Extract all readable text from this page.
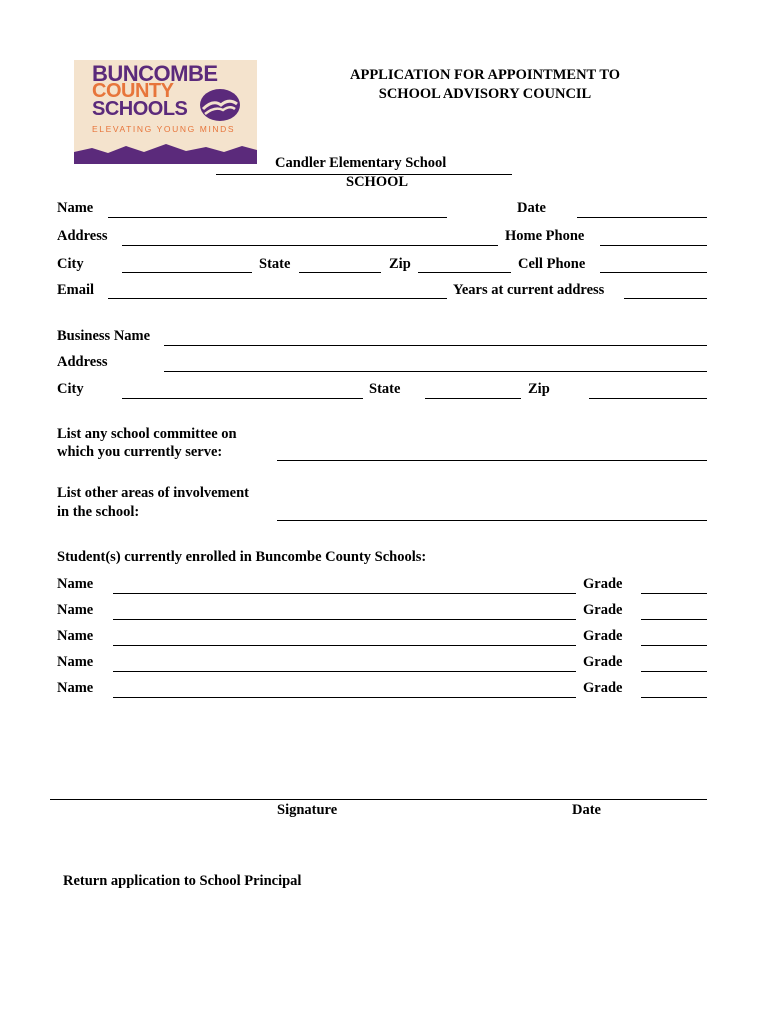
BUNCOMBE
COUNTY
SCHOOLS
ELEVATING YOUNG MINDS
APPLICATION FOR APPOINTMENT TO
SCHOOL ADVISORY COUNCIL
Candler Elementary School
SCHOOL
Name	Date
Address	Home Phone
City	State	Zip	Cell Phone
Email	Years at current address
Business Name
Address
City	State	Zip
List any school committee on
which you currently serve:
List other areas of involvement
in the school:
Student(s) currently enrolled in Buncombe County Schools:
Name	Grade
Name	Grade
Name	Grade
Name	Grade
Name	Grade
Signature	Date
Return application to School Principal
